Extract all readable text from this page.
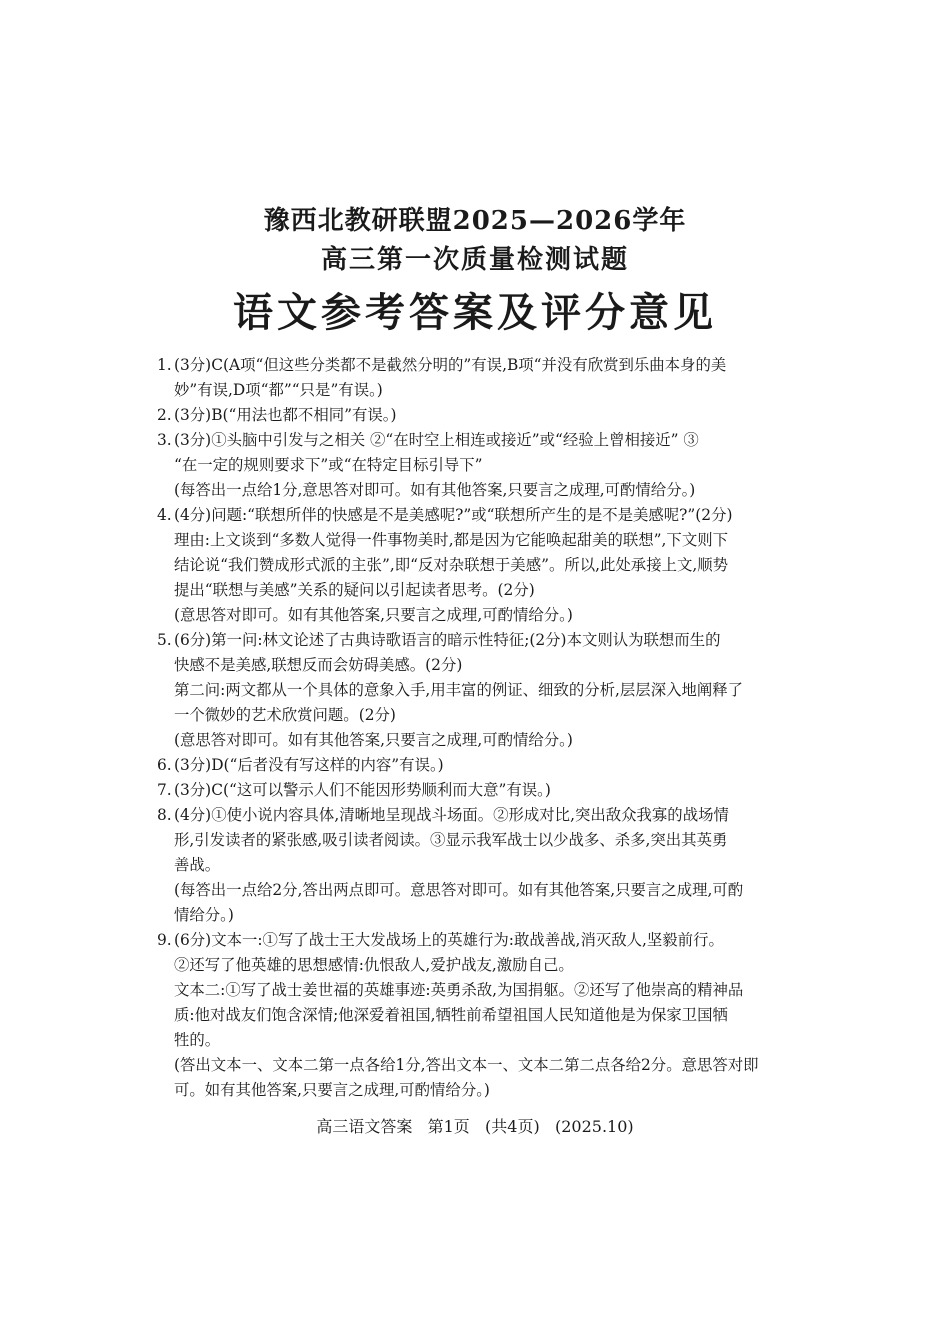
豫西北教研联盟2025—2026学年
高三第一次质量检测试题
语文参考答案及评分意见
1. (3分)C(A项“但这些分类都不是截然分明的”有误,B项“并没有欣赏到乐曲本身的美
妙”有误,D项“都”“只是”有误。)
2. (3分)B(“用法也都不相同”有误。)
3. (3分)①头脑中引发与之相关 ②“在时空上相连或接近”或“经验上曾相接近” ③
“在一定的规则要求下”或“在特定目标引导下”
(每答出一点给1分,意思答对即可。如有其他答案,只要言之成理,可酌情给分。)
4. (4分)问题:“联想所伴的快感是不是美感呢?”或“联想所产生的是不是美感呢?”(2分)
理由:上文谈到“多数人觉得一件事物美时,都是因为它能唤起甜美的联想”,下文则下
结论说“我们赞成形式派的主张”,即“反对杂联想于美感”。所以,此处承接上文,顺势
提出“联想与美感”关系的疑问以引起读者思考。(2分)
(意思答对即可。如有其他答案,只要言之成理,可酌情给分。)
5. (6分)第一问:林文论述了古典诗歌语言的暗示性特征;(2分)本文则认为联想而生的
快感不是美感,联想反而会妨碍美感。(2分)
第二问:两文都从一个具体的意象入手,用丰富的例证、细致的分析,层层深入地阐释了
一个微妙的艺术欣赏问题。(2分)
(意思答对即可。如有其他答案,只要言之成理,可酌情给分。)
6. (3分)D(“后者没有写这样的内容”有误。)
7. (3分)C(“这可以警示人们不能因形势顺利而大意”有误。)
8. (4分)①使小说内容具体,清晰地呈现战斗场面。②形成对比,突出敌众我寡的战场情
形,引发读者的紧张感,吸引读者阅读。③显示我军战士以少战多、杀多,突出其英勇
善战。
(每答出一点给2分,答出两点即可。意思答对即可。如有其他答案,只要言之成理,可酌
情给分。)
9. (6分)文本一:①写了战士王大发战场上的英雄行为:敢战善战,消灭敌人,坚毅前行。
②还写了他英雄的思想感情:仇恨敌人,爱护战友,激励自己。
文本二:①写了战士姜世福的英雄事迹:英勇杀敌,为国捐躯。②还写了他崇高的精神品
质:他对战友们饱含深情;他深爱着祖国,牺牲前希望祖国人民知道他是为保家卫国牺
牲的。
(答出文本一、文本二第一点各给1分,答出文本一、文本二第二点各给2分。意思答对即
可。如有其他答案,只要言之成理,可酌情给分。)
高三语文答案   第1页   (共4页)   (2025.10)
